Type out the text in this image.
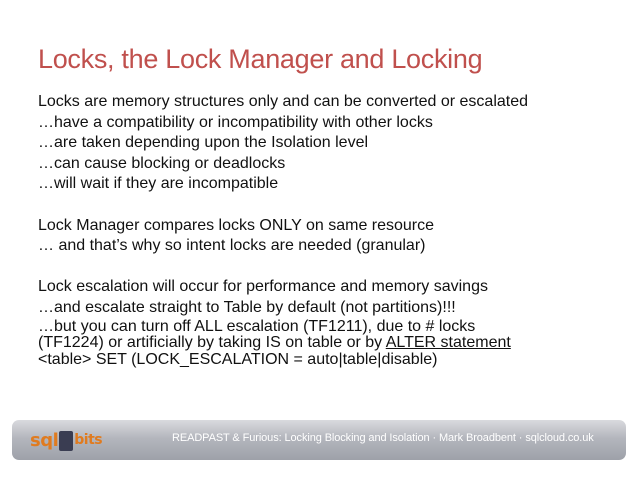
Locks, the Lock Manager and Locking
Locks are memory structures only and can be converted or escalated
…have a compatibility or incompatibility with other locks
…are taken depending upon the Isolation level
…can cause blocking or deadlocks
…will wait if they are incompatible
Lock Manager compares locks ONLY on same resource
… and that’s why so intent locks are needed (granular)
Lock escalation will occur for performance and memory savings
…and escalate straight to Table by default (not partitions)!!!
…but you can turn off ALL escalation (TF1211), due to # locks
(TF1224) or artificially by taking IS on table or by ALTER statement
<table> SET (LOCK_ESCALATION = auto|table|disable)
sql bits	READPAST & Furious: Locking Blocking and Isolation · Mark Broadbent · sqlcloud.co.uk
